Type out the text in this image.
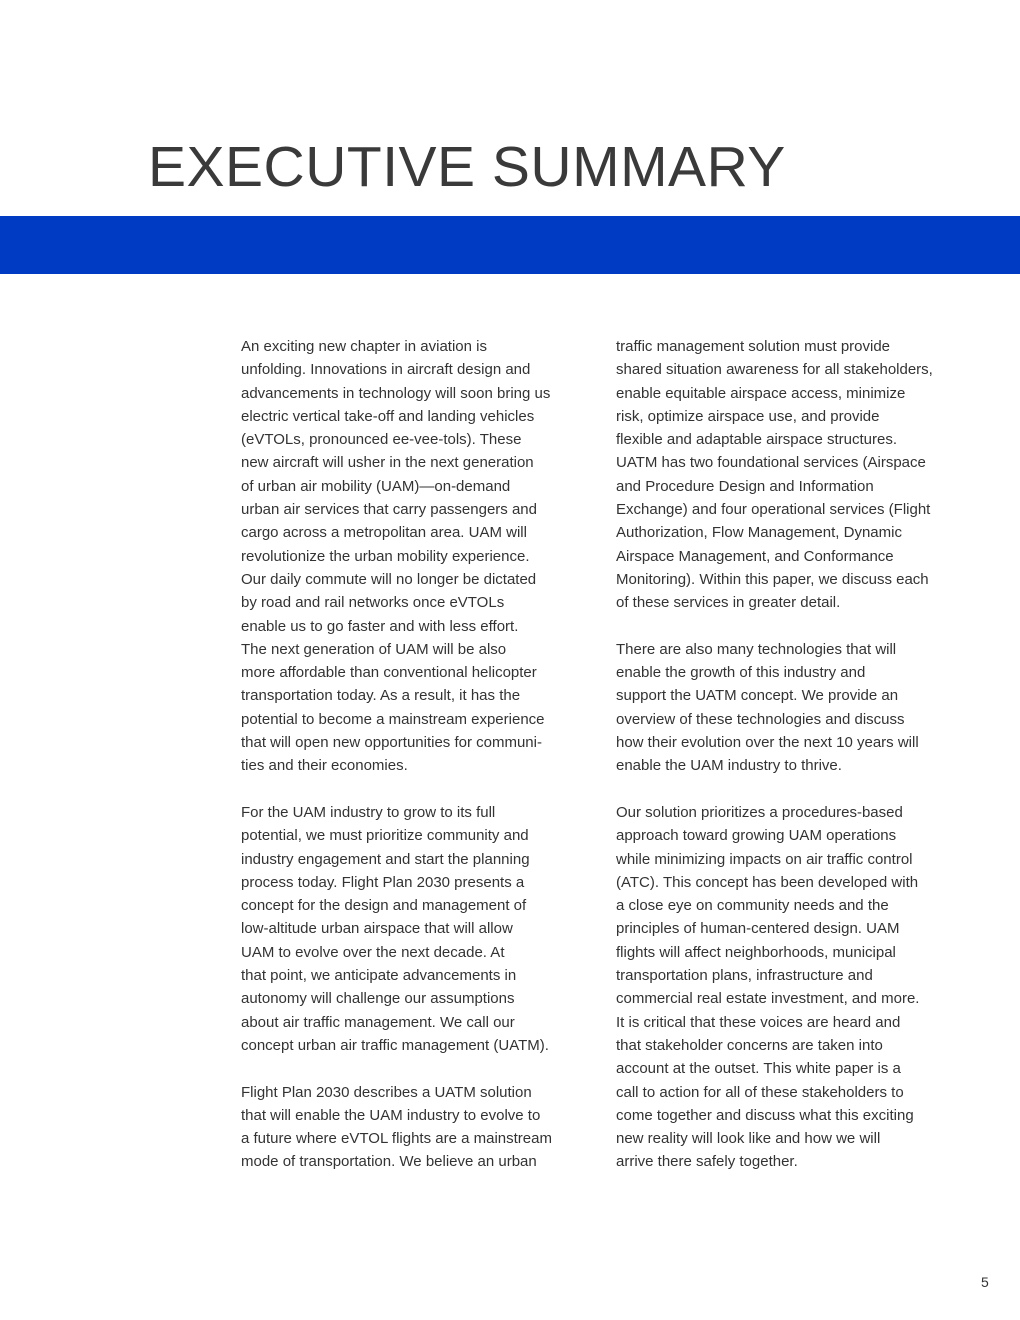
EXECUTIVE SUMMARY

An exciting new chapter in aviation is
unfolding. Innovations in aircraft design and
advancements in technology will soon bring us
electric vertical take-off and landing vehicles
(eVTOLs, pronounced ee-vee-tols). These
new aircraft will usher in the next generation
of urban air mobility (UAM)—on-demand
urban air services that carry passengers and
cargo across a metropolitan area. UAM will
revolutionize the urban mobility experience.
Our daily commute will no longer be dictated
by road and rail networks once eVTOLs
enable us to go faster and with less effort.
The next generation of UAM will be also
more affordable than conventional helicopter
transportation today. As a result, it has the
potential to become a mainstream experience
that will open new opportunities for communi-
ties and their economies.

For the UAM industry to grow to its full
potential, we must prioritize community and
industry engagement and start the planning
process today. Flight Plan 2030 presents a
concept for the design and management of
low-altitude urban airspace that will allow
UAM to evolve over the next decade. At
that point, we anticipate advancements in
autonomy will challenge our assumptions
about air traffic management. We call our
concept urban air traffic management (UATM).

Flight Plan 2030 describes a UATM solution
that will enable the UAM industry to evolve to
a future where eVTOL flights are a mainstream
mode of transportation. We believe an urban

traffic management solution must provide
shared situation awareness for all stakeholders,
enable equitable airspace access, minimize
risk, optimize airspace use, and provide
flexible and adaptable airspace structures.
UATM has two foundational services (Airspace
and Procedure Design and Information
Exchange) and four operational services (Flight
Authorization, Flow Management, Dynamic
Airspace Management, and Conformance
Monitoring). Within this paper, we discuss each
of these services in greater detail.

There are also many technologies that will
enable the growth of this industry and
support the UATM concept. We provide an
overview of these technologies and discuss
how their evolution over the next 10 years will
enable the UAM industry to thrive.

Our solution prioritizes a procedures-based
approach toward growing UAM operations
while minimizing impacts on air traffic control
(ATC). This concept has been developed with
a close eye on community needs and the
principles of human-centered design. UAM
flights will affect neighborhoods, municipal
transportation plans, infrastructure and
commercial real estate investment, and more.
It is critical that these voices are heard and
that stakeholder concerns are taken into
account at the outset. This white paper is a
call to action for all of these stakeholders to
come together and discuss what this exciting
new reality will look like and how we will
arrive there safely together.

5
